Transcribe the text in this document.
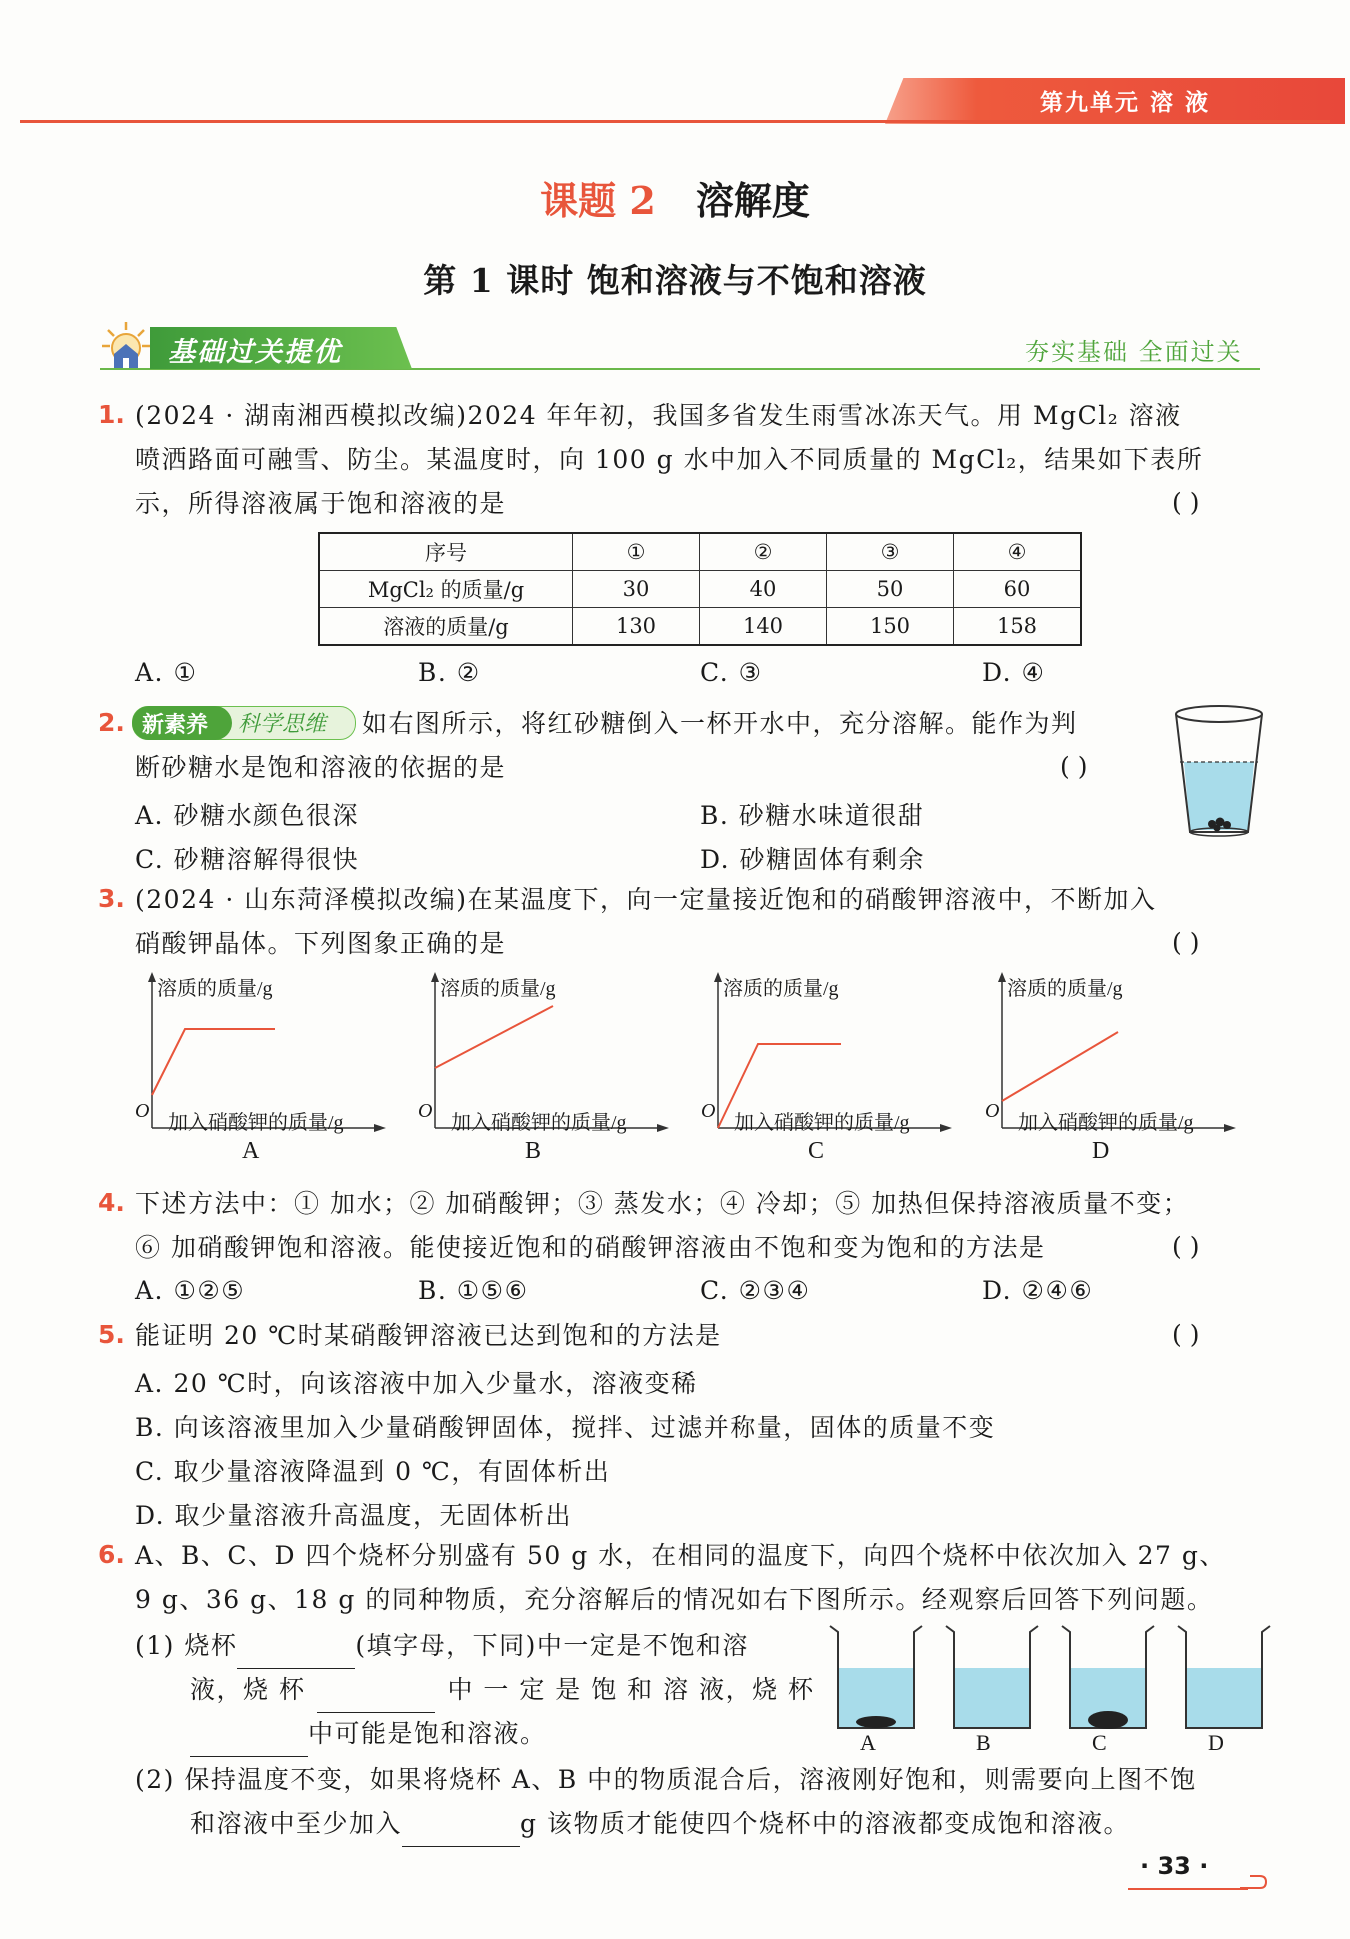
第九单元 溶 液
课题 2 溶解度
第 1 课时 饱和溶液与不饱和溶液
基础过关提优	夯实基础 全面过关
1. (2024 · 湖南湘西模拟改编)2024 年年初，我国多省发生雨雪冰冻天气。用 MgCl₂ 溶液
喷洒路面可融雪、防尘。某温度时，向 100 g 水中加入不同质量的 MgCl₂，结果如下表所
示，所得溶液属于饱和溶液的是	( )
序号	①	②	③	④
MgCl₂ 的质量/g	30	40	50	60
溶液的质量/g	130	140	150	158
A. ①	B. ②	C. ③	D. ④
2. 新素养 科学思维 如右图所示，将红砂糖倒入一杯开水中，充分溶解。能作为判
断砂糖水是饱和溶液的依据的是	( )
A. 砂糖水颜色很深	B. 砂糖水味道很甜
C. 砂糖溶解得很快	D. 砂糖固体有剩余
3. (2024 · 山东菏泽模拟改编)在某温度下，向一定量接近饱和的硝酸钾溶液中，不断加入
硝酸钾晶体。下列图象正确的是	( )
溶质的质量/g
O
加入硝酸钾的质量/g
A
溶质的质量/g
O
加入硝酸钾的质量/g
B
溶质的质量/g
O
加入硝酸钾的质量/g
C
溶质的质量/g
O
加入硝酸钾的质量/g
D
4. 下述方法中：① 加水；② 加硝酸钾；③ 蒸发水；④ 冷却；⑤ 加热但保持溶液质量不变；
⑥ 加硝酸钾饱和溶液。能使接近饱和的硝酸钾溶液由不饱和变为饱和的方法是	( )
A. ①②⑤	B. ①⑤⑥	C. ②③④	D. ②④⑥
5. 能证明 20 ℃时某硝酸钾溶液已达到饱和的方法是	( )
A. 20 ℃时，向该溶液中加入少量水，溶液变稀
B. 向该溶液里加入少量硝酸钾固体，搅拌、过滤并称量，固体的质量不变
C. 取少量溶液降温到 0 ℃，有固体析出
D. 取少量溶液升高温度，无固体析出
6. A、B、C、D 四个烧杯分别盛有 50 g 水，在相同的温度下，向四个烧杯中依次加入 27 g、
9 g、36 g、18 g 的同种物质，充分溶解后的情况如右下图所示。经观察后回答下列问题。
(1) 烧杯	(填字母，下同)中一定是不饱和溶
液，烧 杯	中 一 定 是 饱 和 溶 液，烧 杯
中可能是饱和溶液。
(2) 保持温度不变，如果将烧杯 A、B 中的物质混合后，溶液刚好饱和，则需要向上图不饱
和溶液中至少加入	g 该物质才能使四个烧杯中的溶液都变成饱和溶液。
A	B	C	D
· 33 ·
